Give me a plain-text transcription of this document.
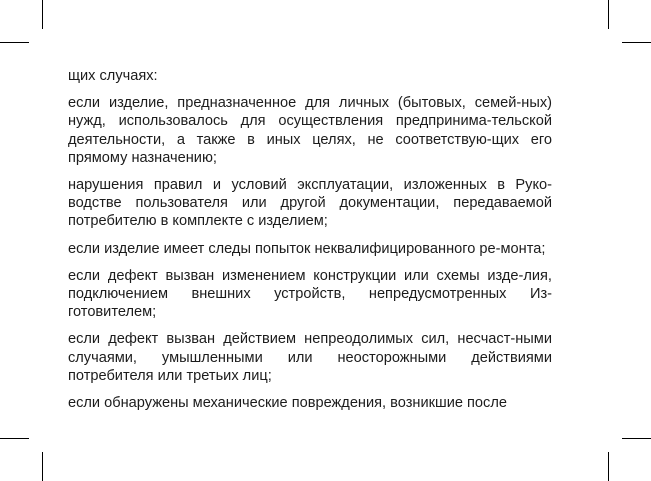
щих случаях:

если изделие, предназначенное для личных (бытовых, семей-ных) нужд, использовалось для осуществления предпринима-тельской деятельности, а также в иных целях, не соответствую-щих его прямому назначению;

нарушения правил и условий эксплуатации, изложенных в Руко-водстве пользователя или другой документации, передаваемой потребителю в комплекте с изделием;

если изделие имеет следы попыток неквалифицированного ре-монта;

если дефект вызван изменением конструкции или схемы изде-лия, подключением внешних устройств, непредусмотренных Из-готовителем;

если дефект вызван действием непреодолимых сил, несчаст-ными случаями, умышленными или неосторожными действиями потребителя или третьих лиц;

если обнаружены механические повреждения, возникшие после
